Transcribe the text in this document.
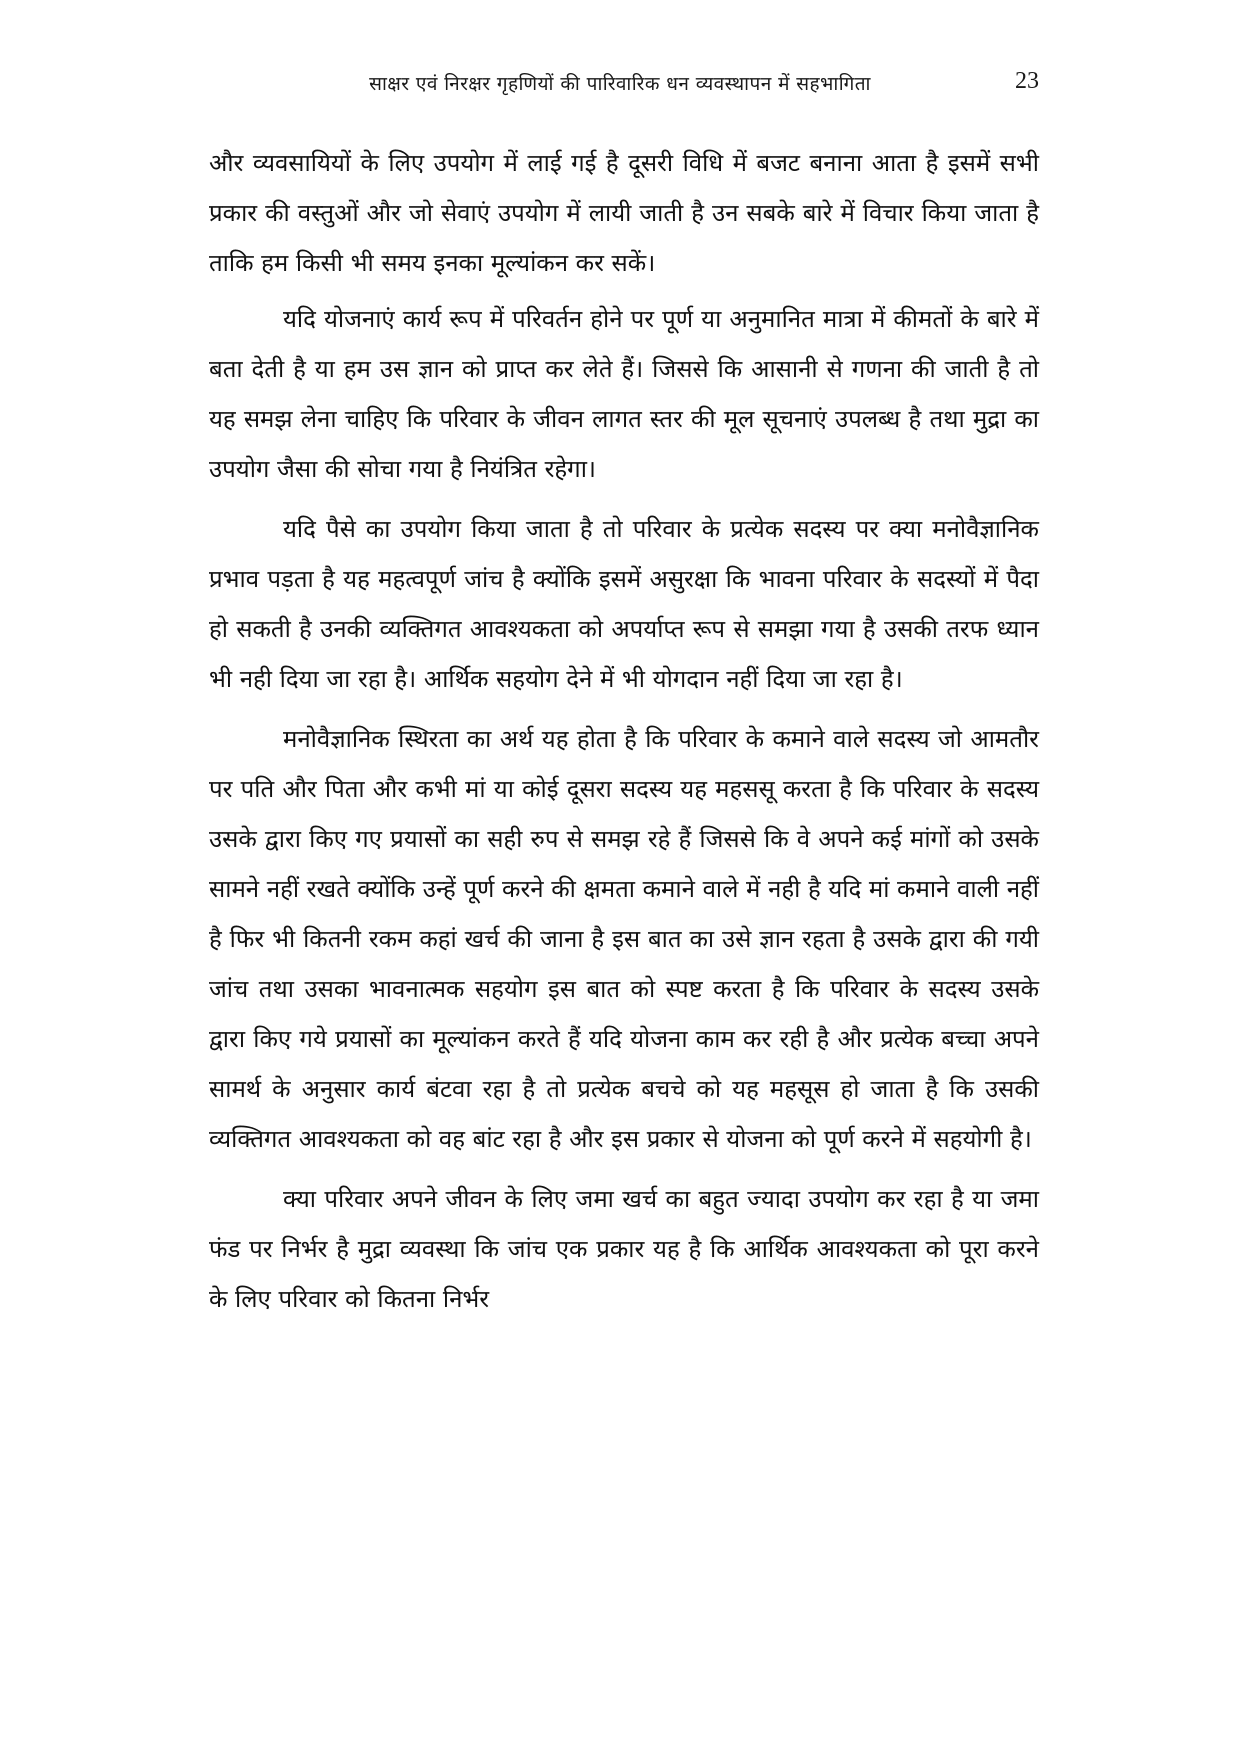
साक्षर एवं निरक्षर गृहणियों की पारिवारिक धन व्यवस्थापन में सहभागिता	23

और व्यवसायियों के लिए उपयोग में लाई गई है दूसरी विधि में बजट बनाना आता है इसमें सभी प्रकार की वस्तुओं और जो सेवाएं उपयोग में लायी जाती है उन सबके बारे में विचार किया जाता है ताकि हम किसी भी समय इनका मूल्यांकन कर सकें।

यदि योजनाएं कार्य रूप में परिवर्तन होने पर पूर्ण या अनुमानित मात्रा में कीमतों के बारे में बता देती है या हम उस ज्ञान को प्राप्त कर लेते हैं। जिससे कि आसानी से गणना की जाती है तो यह समझ लेना चाहिए कि परिवार के जीवन लागत स्तर की मूल सूचनाएं उपलब्ध है तथा मुद्रा का उपयोग जैसा की सोचा गया है नियंत्रित रहेगा।

यदि पैसे का उपयोग किया जाता है तो परिवार के प्रत्येक सदस्य पर क्या मनोवैज्ञानिक प्रभाव पड़ता है यह महत्वपूर्ण जांच है क्योंकि इसमें असुरक्षा कि भावना परिवार के सदस्यों में पैदा हो सकती है उनकी व्यक्तिगत आवश्यकता को अपर्याप्त रूप से समझा गया है उसकी तरफ ध्यान भी नही दिया जा रहा है। आर्थिक सहयोग देने में भी योगदान नहीं दिया जा रहा है।

मनोवैज्ञानिक स्थिरता का अर्थ यह होता है कि परिवार के कमाने वाले सदस्य जो आमतौर पर पति और पिता और कभी मां या कोई दूसरा सदस्य यह महससू करता है कि परिवार के सदस्य उसके द्वारा किए गए प्रयासों का सही रुप से समझ रहे हैं जिससे कि वे अपने कई मांगों को उसके सामने नहीं रखते क्योंकि उन्हें पूर्ण करने की क्षमता कमाने वाले में नही है यदि मां कमाने वाली नहीं है फिर भी कितनी रकम कहां खर्च की जाना है इस बात का उसे ज्ञान रहता है उसके द्वारा की गयी जांच तथा उसका भावनात्मक सहयोग इस बात को स्पष्ट करता है कि परिवार के सदस्य उसके द्वारा किए गये प्रयासों का मूल्यांकन करते हैं यदि योजना काम कर रही है और प्रत्येक बच्चा अपने सामर्थ के अनुसार कार्य बंटवा रहा है तो प्रत्येक बचचे को यह महसूस हो जाता है कि उसकी व्यक्तिगत आवश्यकता को वह बांट रहा है और इस प्रकार से योजना को पूर्ण करने में सहयोगी है।

क्या परिवार अपने जीवन के लिए जमा खर्च का बहुत ज्यादा उपयोग कर रहा है या जमा फंड पर निर्भर है मुद्रा व्यवस्था कि जांच एक प्रकार यह है कि आर्थिक आवश्यकता को पूरा करने के लिए परिवार को कितना निर्भर
